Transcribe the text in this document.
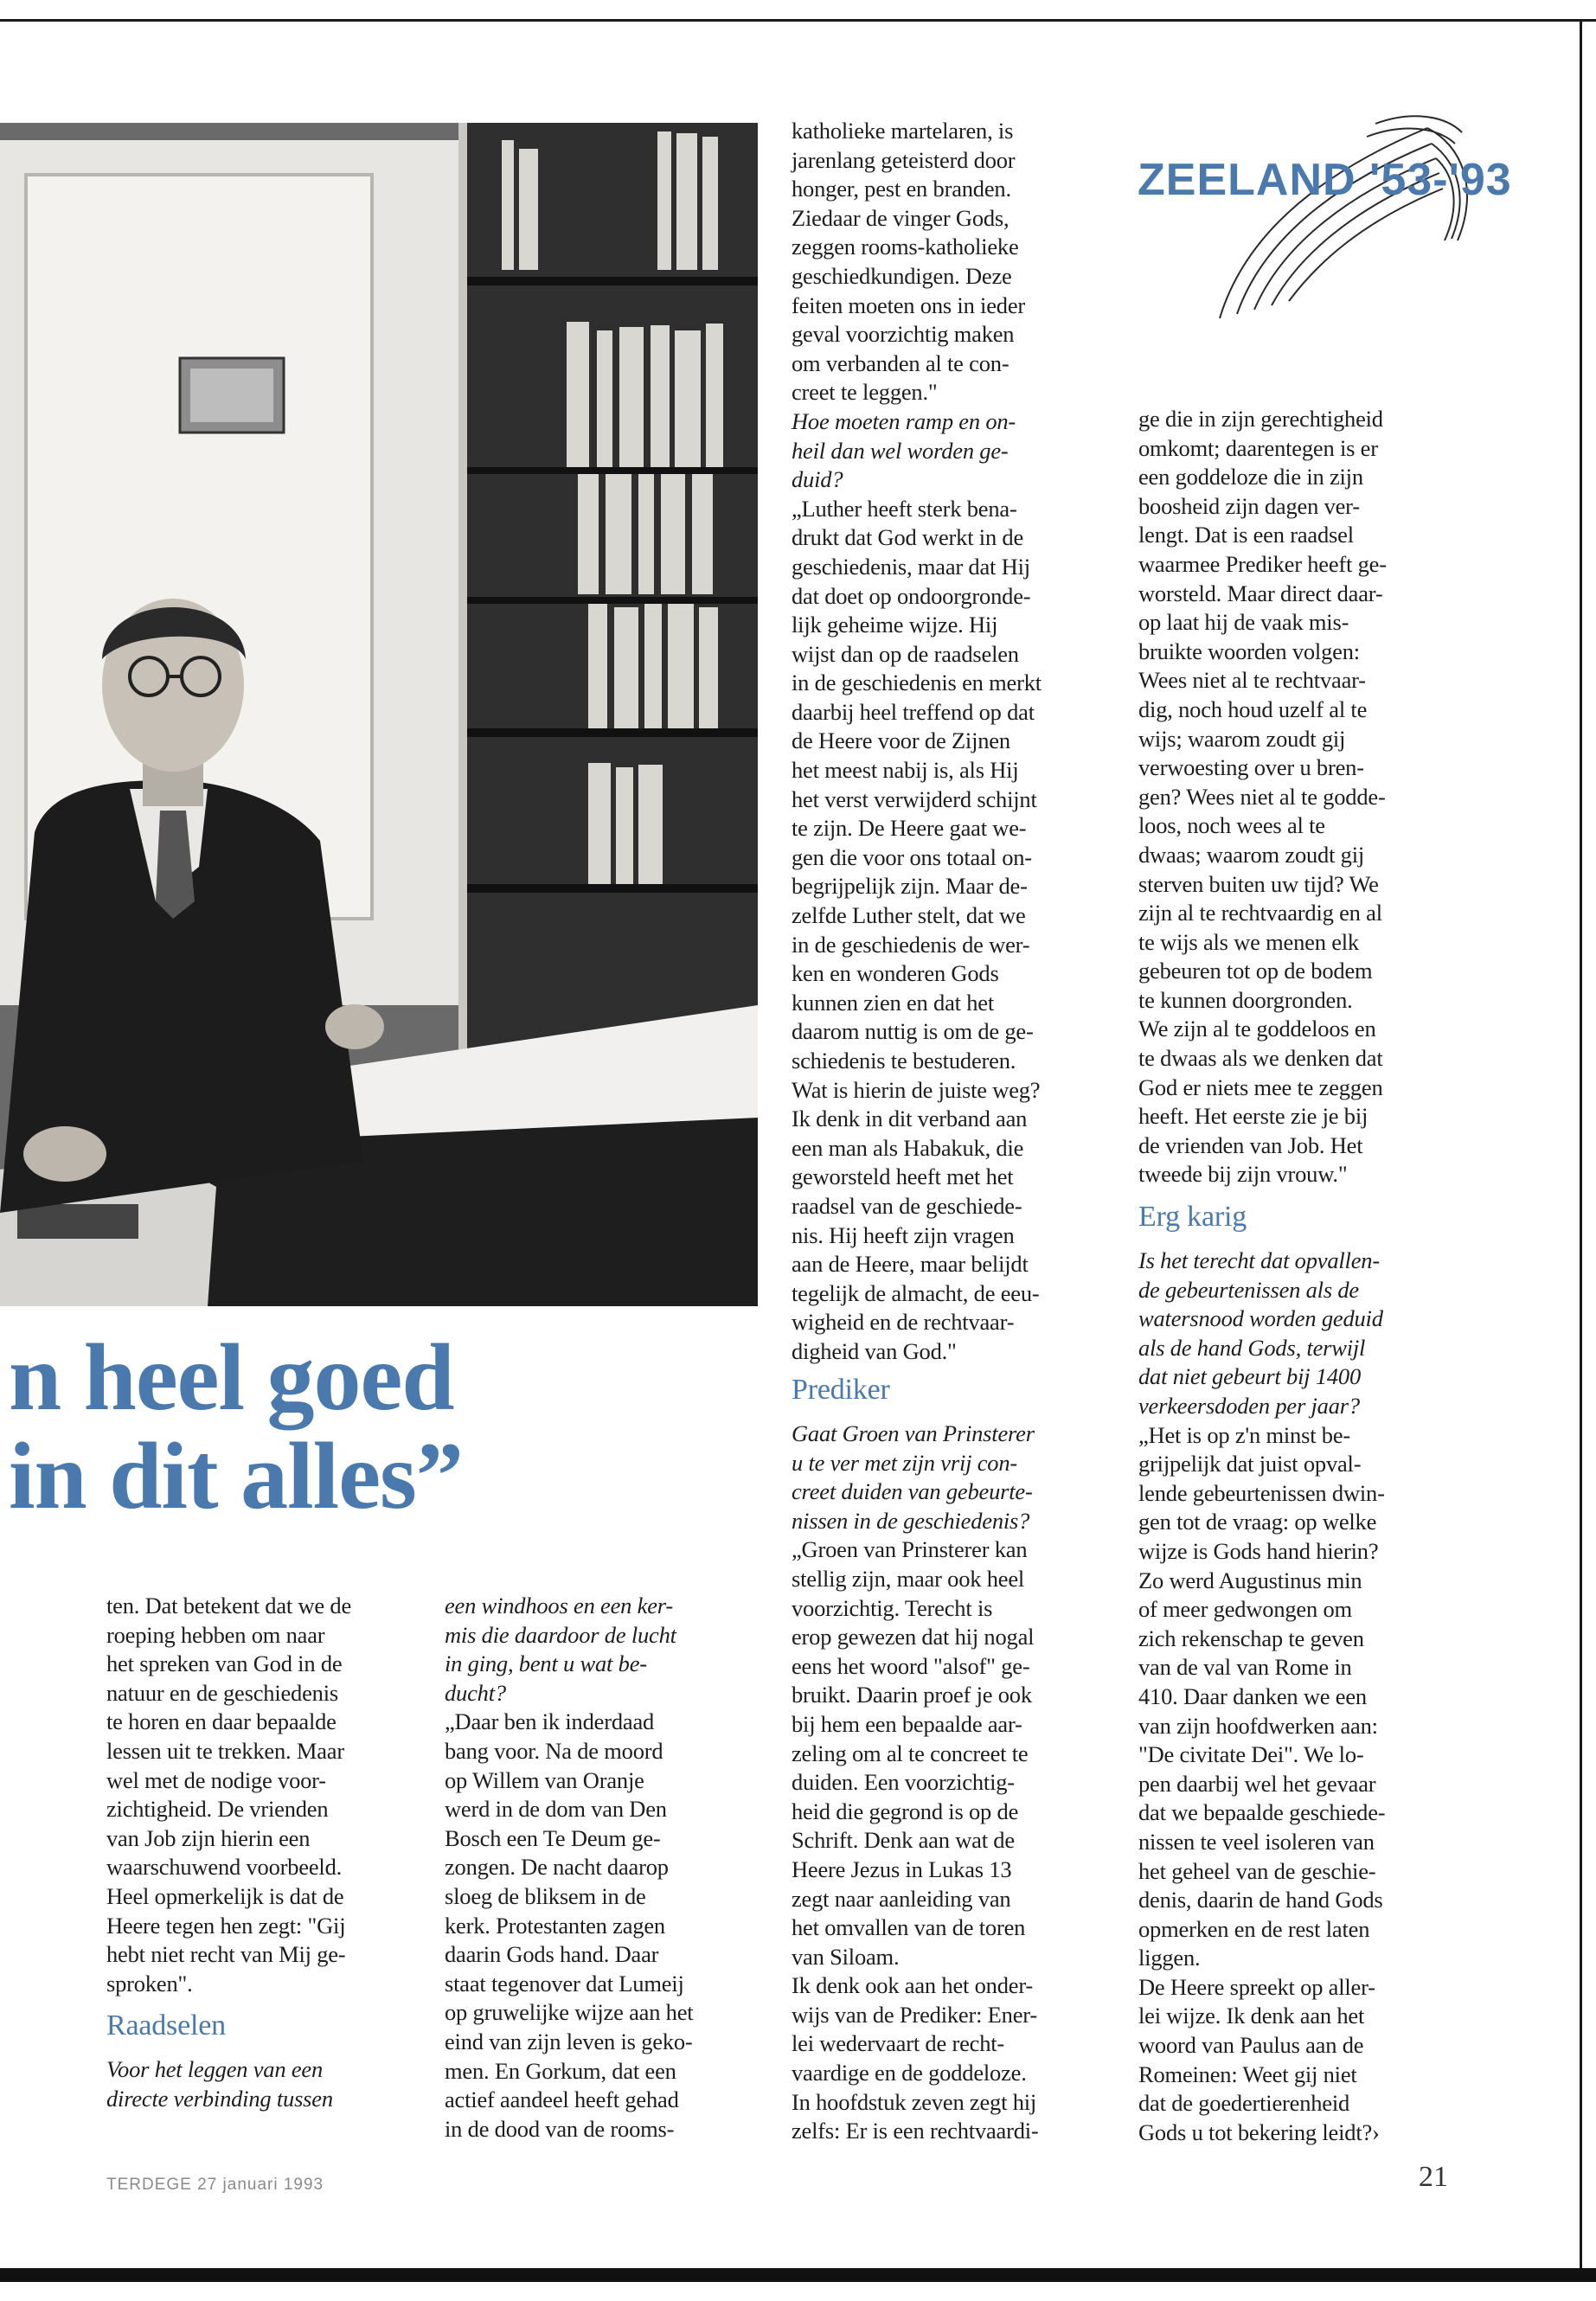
ZEELAND '53-'93
n heel goed
in dit alles”

ten. Dat betekent dat we de
roeping hebben om naar
het spreken van God in de
natuur en de geschiedenis
te horen en daar bepaalde
lessen uit te trekken. Maar
wel met de nodige voor-
zichtigheid. De vrienden
van Job zijn hierin een
waarschuwend voorbeeld.
Heel opmerkelijk is dat de
Heere tegen hen zegt: "Gij
hebt niet recht van Mij ge-
sproken".

Raadselen

Voor het leggen van een
directe verbinding tussen

een windhoos en een ker-
mis die daardoor de lucht
in ging, bent u wat be-
ducht?

„Daar ben ik inderdaad
bang voor. Na de moord
op Willem van Oranje
werd in de dom van Den
Bosch een Te Deum ge-
zongen. De nacht daarop
sloeg de bliksem in de
kerk. Protestanten zagen
daarin Gods hand. Daar
staat tegenover dat Lumeij
op gruwelijke wijze aan het
eind van zijn leven is geko-
men. En Gorkum, dat een
actief aandeel heeft gehad
in de dood van de rooms-

katholieke martelaren, is
jarenlang geteisterd door
honger, pest en branden.
Ziedaar de vinger Gods,
zeggen rooms-katholieke
geschiedkundigen. Deze
feiten moeten ons in ieder
geval voorzichtig maken
om verbanden al te con-
creet te leggen."

Hoe moeten ramp en on-
heil dan wel worden ge-
duid?

„Luther heeft sterk bena-
drukt dat God werkt in de
geschiedenis, maar dat Hij
dat doet op ondoorgronde-
lijk geheime wijze. Hij
wijst dan op de raadselen
in de geschiedenis en merkt
daarbij heel treffend op dat
de Heere voor de Zijnen
het meest nabij is, als Hij
het verst verwijderd schijnt
te zijn. De Heere gaat we-
gen die voor ons totaal on-
begrijpelijk zijn. Maar de-
zelfde Luther stelt, dat we
in de geschiedenis de wer-
ken en wonderen Gods
kunnen zien en dat het
daarom nuttig is om de ge-
schiedenis te bestuderen.
Wat is hierin de juiste weg?
Ik denk in dit verband aan
een man als Habakuk, die
geworsteld heeft met het
raadsel van de geschiede-
nis. Hij heeft zijn vragen
aan de Heere, maar belijdt
tegelijk de almacht, de eeu-
wigheid en de rechtvaar-
digheid van God."

Prediker

Gaat Groen van Prinsterer
u te ver met zijn vrij con-
creet duiden van gebeurte-
nissen in de geschiedenis?

„Groen van Prinsterer kan
stellig zijn, maar ook heel
voorzichtig. Terecht is
erop gewezen dat hij nogal
eens het woord "alsof" ge-
bruikt. Daarin proef je ook
bij hem een bepaalde aar-
zeling om al te concreet te
duiden. Een voorzichtig-
heid die gegrond is op de
Schrift. Denk aan wat de
Heere Jezus in Lukas 13
zegt naar aanleiding van
het omvallen van de toren
van Siloam.
Ik denk ook aan het onder-
wijs van de Prediker: Ener-
lei wedervaart de recht-
vaardige en de goddeloze.
In hoofdstuk zeven zegt hij
zelfs: Er is een rechtvaardi-

ge die in zijn gerechtigheid
omkomt; daarentegen is er
een goddeloze die in zijn
boosheid zijn dagen ver-
lengt. Dat is een raadsel
waarmee Prediker heeft ge-
worsteld. Maar direct daar-
op laat hij de vaak mis-
bruikte woorden volgen:
Wees niet al te rechtvaar-
dig, noch houd uzelf al te
wijs; waarom zoudt gij
verwoesting over u bren-
gen? Wees niet al te godde-
loos, noch wees al te
dwaas; waarom zoudt gij
sterven buiten uw tijd? We
zijn al te rechtvaardig en al
te wijs als we menen elk
gebeuren tot op de bodem
te kunnen doorgronden.
We zijn al te goddeloos en
te dwaas als we denken dat
God er niets mee te zeggen
heeft. Het eerste zie je bij
de vrienden van Job. Het
tweede bij zijn vrouw."

Erg karig

Is het terecht dat opvallen-
de gebeurtenissen als de
watersnood worden geduid
als de hand Gods, terwijl
dat niet gebeurt bij 1400
verkeersdoden per jaar?

„Het is op z'n minst be-
grijpelijk dat juist opval-
lende gebeurtenissen dwin-
gen tot de vraag: op welke
wijze is Gods hand hierin?
Zo werd Augustinus min
of meer gedwongen om
zich rekenschap te geven
van de val van Rome in
410. Daar danken we een
van zijn hoofdwerken aan:
"De civitate Dei". We lo-
pen daarbij wel het gevaar
dat we bepaalde geschiede-
nissen te veel isoleren van
het geheel van de geschie-
denis, daarin de hand Gods
opmerken en de rest laten
liggen.
De Heere spreekt op aller-
lei wijze. Ik denk aan het
woord van Paulus aan de
Romeinen: Weet gij niet
dat de goedertierenheid
Gods u tot bekering leidt?›

TERDEGE 27 januari 1993	21
